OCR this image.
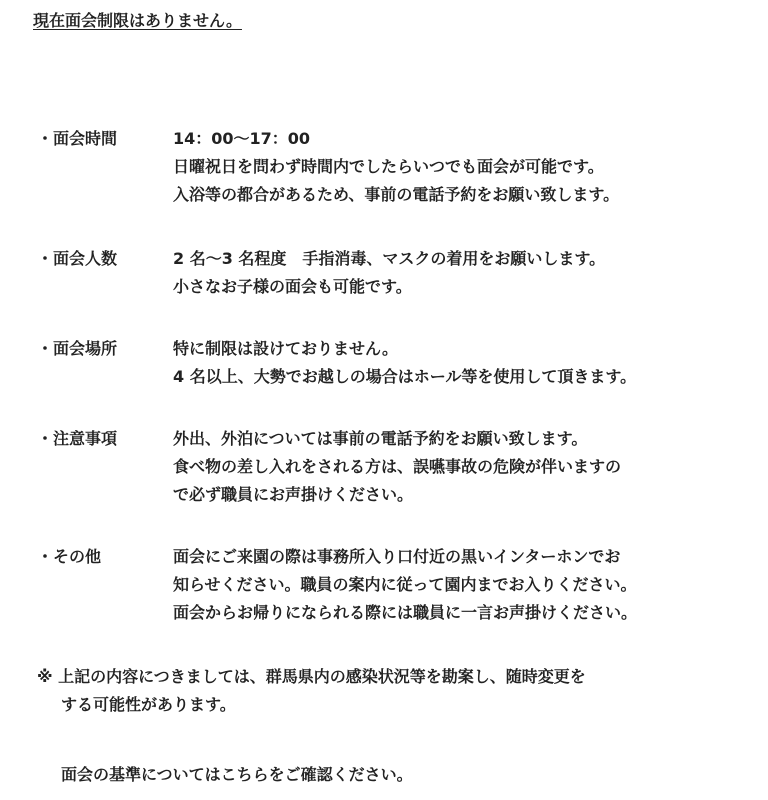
現在面会制限はありません。
・面会時間	14：00〜17：00
日曜祝日を問わず時間内でしたらいつでも面会が可能です。
入浴等の都合があるため、事前の電話予約をお願い致します。
・面会人数	2 名〜3 名程度　手指消毒、マスクの着用をお願いします。
小さなお子様の面会も可能です。
・面会場所	特に制限は設けておりません。
4 名以上、大勢でお越しの場合はホール等を使用して頂きます。
・注意事項	外出、外泊については事前の電話予約をお願い致します。
食べ物の差し入れをされる方は、誤嚥事故の危険が伴いますの
で必ず職員にお声掛けください。
・その他	面会にご来園の際は事務所入り口付近の黒いインターホンでお
知らせください。職員の案内に従って園内までお入りください。
面会からお帰りになられる際には職員に一言お声掛けください。
※ 上記の内容につきましては、群馬県内の感染状況等を勘案し、随時変更を
する可能性があります。
面会の基準についてはこちらをご確認ください。
